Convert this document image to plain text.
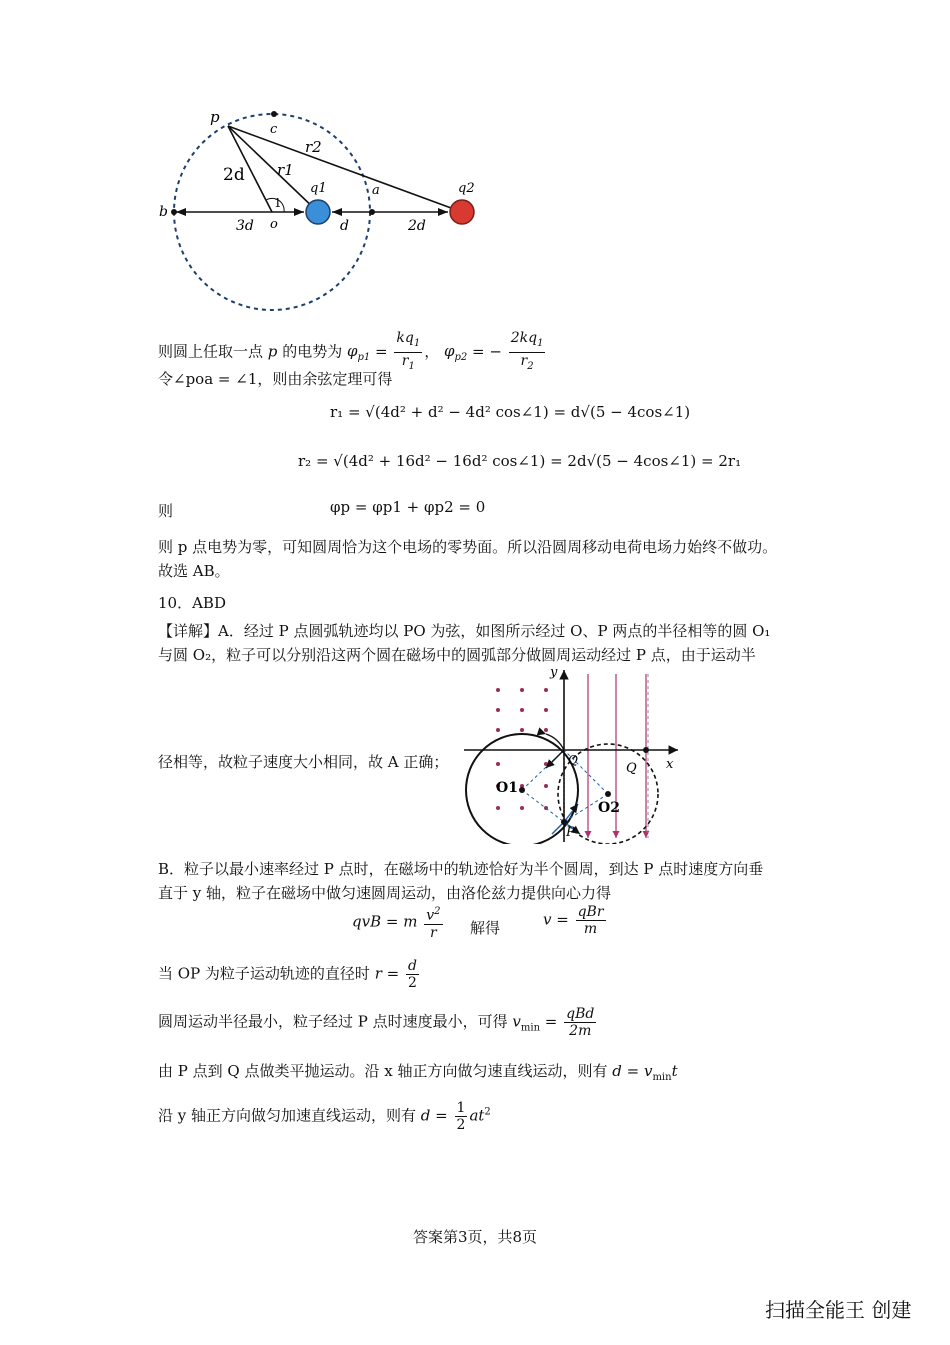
p
c
r2
r1
2d
q1	q2
a
b
o
1
3d	d	2d
则圆上任取一点 p 的电势为 $\varphi_{p1} = \frac{kq_1}{r_1}$ ， $\varphi_{p2}$ = − $\frac{2kq_1}{r_2}$
令∠poa = ∠1，则由余弦定理可得
r₁ = √(4d² + d² − 4d² cos∠1) = d√(5 − 4cos∠1)
r₂ = √(4d² + 16d² − 16d² cos∠1) = 2d√(5 − 4cos∠1) = 2r₁
则	φp = φp1 + φp2 = 0
则 p 点电势为零，可知圆周恰为这个电场的零势面。所以沿圆周移动电荷电场力始终不做功。
故选 AB。
10．ABD
【详解】A．经过 P 点圆弧轨迹均以 PO 为弦，如图所示经过 O、P 两点的半径相等的圆 O₁
与圆 O₂，粒子可以分别沿这两个圆在磁场中的圆弧部分做圆周运动经过 P 点，由于运动半
径相等，故粒子速度大小相同，故 A 正确；
y
x
Q
Q
O1
O2
P
B．粒子以最小速率经过 P 点时，在磁场中的轨迹恰好为半个圆周，到达 P 点时速度方向垂
直于 y 轴，粒子在磁场中做匀速圆周运动，由洛伦兹力提供向心力得
qvB = m $\frac{v^2}{r}$ 解得	$v = \frac{\text{qBr}}{m}$
当 OP 为粒子运动轨迹的直径时 $r = \frac{d}{2}$
圆周运动半径最小，粒子经过 P 点时速度最小，可得 $v_{min} = \frac{\text{qBd}}{2m}$
由 P 点到 Q 点做类平抛运动。沿 x 轴正方向做匀速直线运动，则有 $d = v_{min}t$
沿 y 轴正方向做匀加速直线运动，则有 $d = \frac{1}{2} at^2$
答案第3页，共8页
扫描全能王 创建
